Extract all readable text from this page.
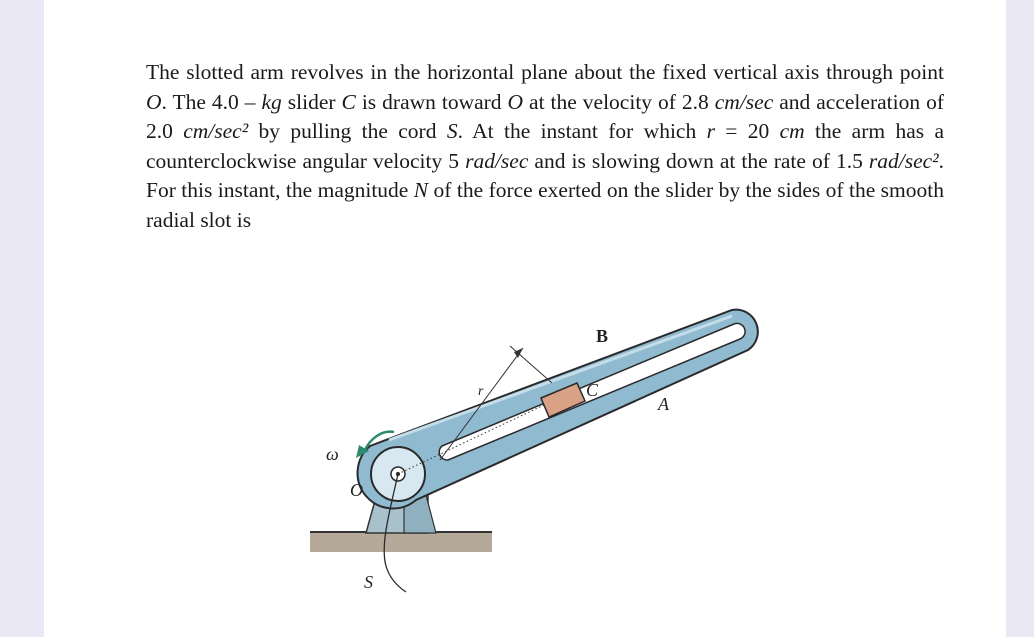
The slotted arm revolves in the horizontal plane about the fixed vertical axis through point O. The 4.0 – kg slider C is drawn toward O at the velocity of 2.8 cm/sec and acceleration of 2.0 cm/sec² by pulling the cord S. At the instant for which r = 20 cm the arm has a counterclockwise angular velocity 5 rad/sec and is slowing down at the rate of 1.5 rad/sec². For this instant, the magnitude N of the force exerted on the slider by the sides of the smooth radial slot is
r
B
C
A
ω
O
S
